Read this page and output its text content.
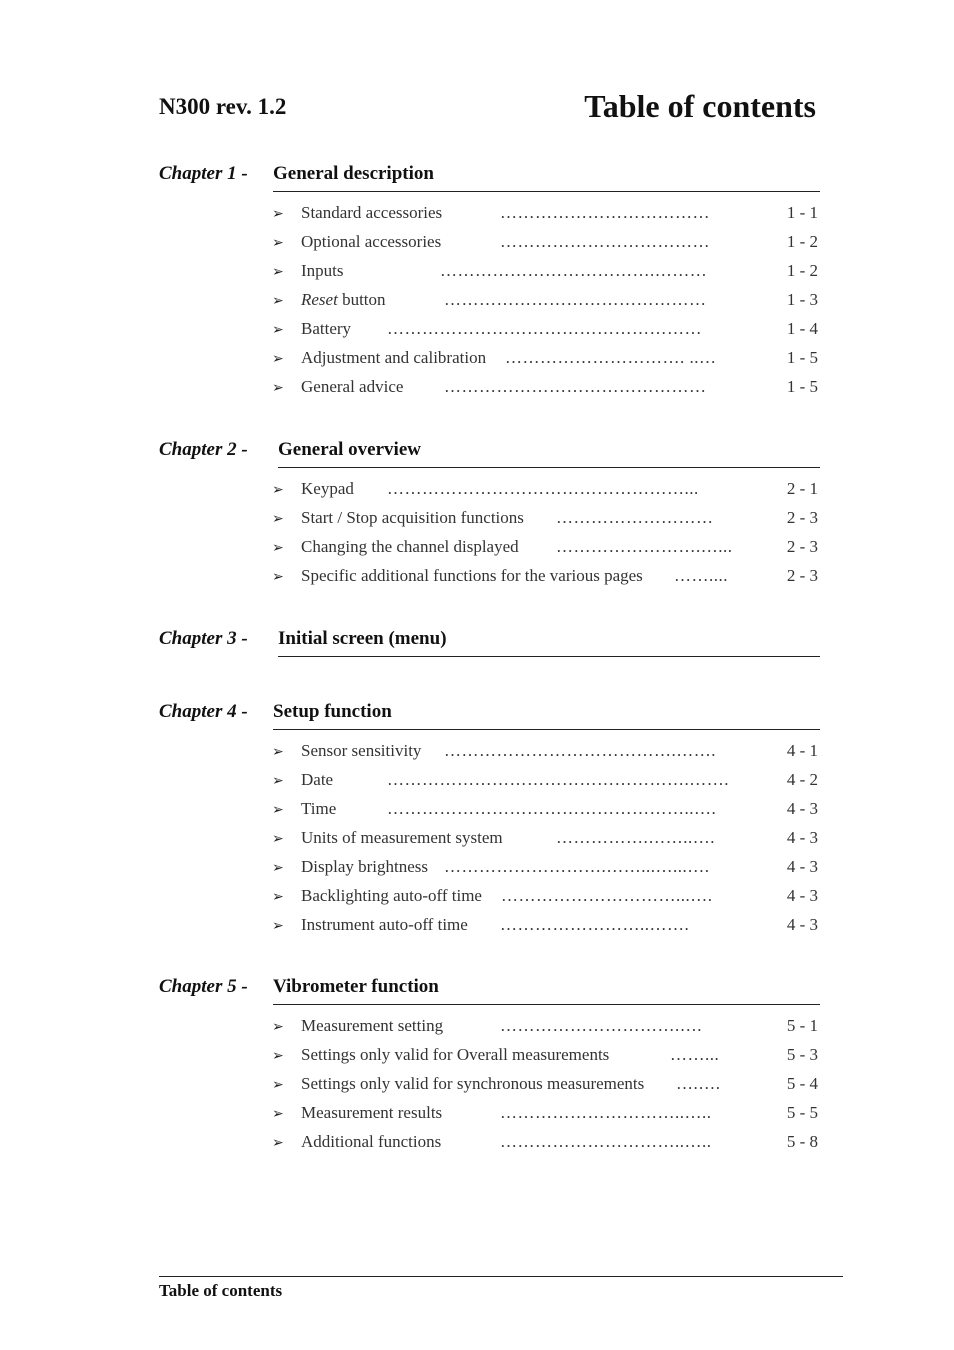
N300 rev. 1.2	Table of contents
Chapter 1 - General description
➢ Standard accessories	………………………………	1 - 1
➢ Optional accessories	………………………………	1 - 2
➢ Inputs	……………………………….………	1 - 2
➢ Reset button	………………………………………	1 - 3
➢ Battery ………………………………………………	1 - 4
➢ Adjustment and calibration …………………………. ..…	1 - 5
➢ General advice ………………………………………	1 - 5
Chapter 2 - General overview
➢ Keypad ……………………………………………...	2 - 1
➢ Start / Stop acquisition functions ………………………	2 - 3
➢ Changing the channel displayed …………………….…...	2 - 3
➢ Specific additional functions for the various pages ……....	2 - 3
Chapter 3 - Initial screen (menu)
Chapter 4 - Setup function
➢ Sensor sensitivity ………………………………….…….	4 - 1
➢ Date	…………………………………………….…….	4 - 2
➢ Time	……………………………………………..….	4 - 3
➢ Units of measurement system	…………….……..….	4 - 3
➢ Display brightness ……………………….……...…...….	4 - 3
➢ Backlighting auto-off time …………………………...….	4 - 3
➢ Instrument auto-off time ……………………..…….	4 - 3
Chapter 5 - Vibrometer function
➢ Measurement setting	………………………….….	5 - 1
➢ Settings only valid for Overall measurements	……...	5 - 3
➢ Settings only valid for synchronous measurements ….….	5 - 4
➢ Measurement results	…………………………..…..	5 - 5
➢ Additional functions	…………………………..…..	5 - 8
Table of contents
